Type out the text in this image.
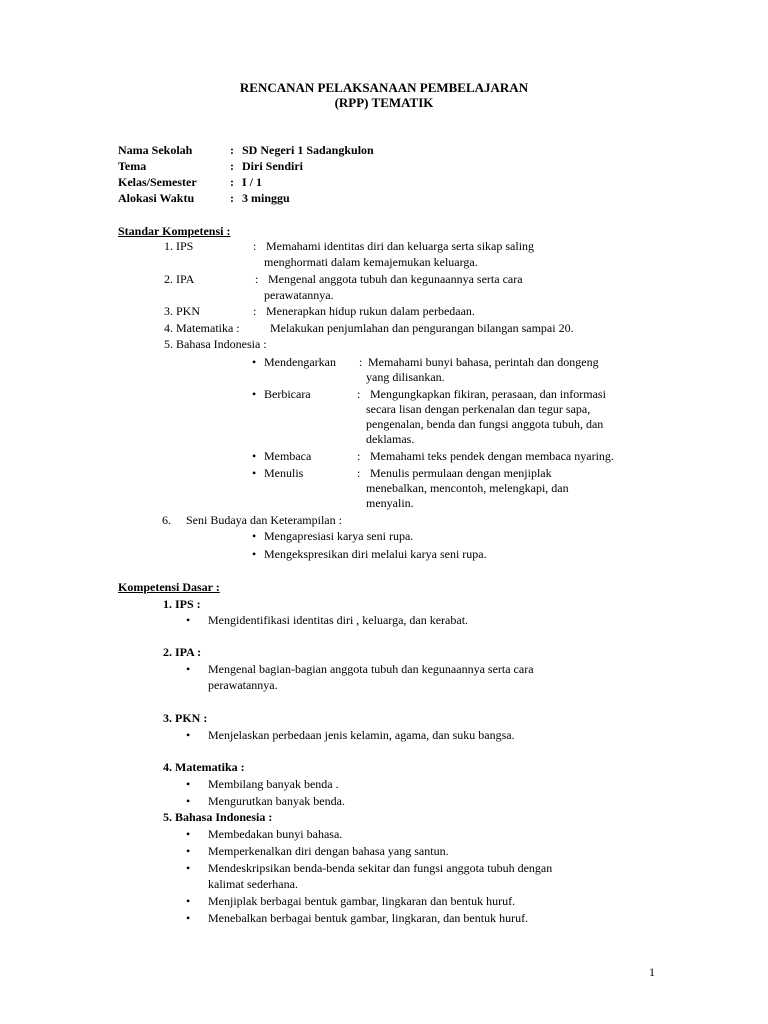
RENCANAN PELAKSANAAN PEMBELAJARAN
(RPP) TEMATIK
Nama Sekolah	: SD Negeri 1 Sadangkulon
Tema	: Diri Sendiri
Kelas/Semester	: I / 1
Alokasi Waktu	: 3 minggu
Standar Kompetensi :
1. IPS	: Memahami identitas diri dan keluarga serta sikap saling
menghormati dalam kemajemukan keluarga.
2. IPA	: Mengenal anggota tubuh dan kegunaannya serta cara
perawatannya.
3. PKN	: Menerapkan hidup rukun dalam perbedaan.
4. Matematika :	Melakukan penjumlahan dan pengurangan bilangan sampai 20.
5. Bahasa Indonesia :
• Mendengarkan : Memahami bunyi bahasa, perintah dan dongeng
yang dilisankan.
• Berbicara	: Mengungkapkan fikiran, perasaan, dan informasi
secara lisan dengan perkenalan dan tegur sapa,
pengenalan, benda dan fungsi anggota tubuh, dan
deklamas.
• Membaca	: Memahami teks pendek dengan membaca nyaring.
• Menulis	: Menulis permulaan dengan menjiplak
menebalkan, mencontoh, melengkapi, dan
menyalin.
6. Seni Budaya dan Keterampilan :
• Mengapresiasi karya seni rupa.
• Mengekspresikan diri melalui karya seni rupa.
Kompetensi Dasar :
1. IPS :
• Mengidentifikasi identitas diri , keluarga, dan kerabat.
2. IPA :
• Mengenal bagian-bagian anggota tubuh dan kegunaannya serta cara
perawatannya.
3. PKN :
• Menjelaskan perbedaan jenis kelamin, agama, dan suku bangsa.
4. Matematika :
• Membilang banyak benda .
• Mengurutkan banyak benda.
5. Bahasa Indonesia :
• Membedakan bunyi bahasa.
• Memperkenalkan diri dengan bahasa yang santun.
• Mendeskripsikan benda-benda sekitar dan fungsi anggota tubuh dengan
kalimat sederhana.
• Menjiplak berbagai bentuk gambar, lingkaran dan bentuk huruf.
• Menebalkan berbagai bentuk gambar, lingkaran, dan bentuk huruf.
1
